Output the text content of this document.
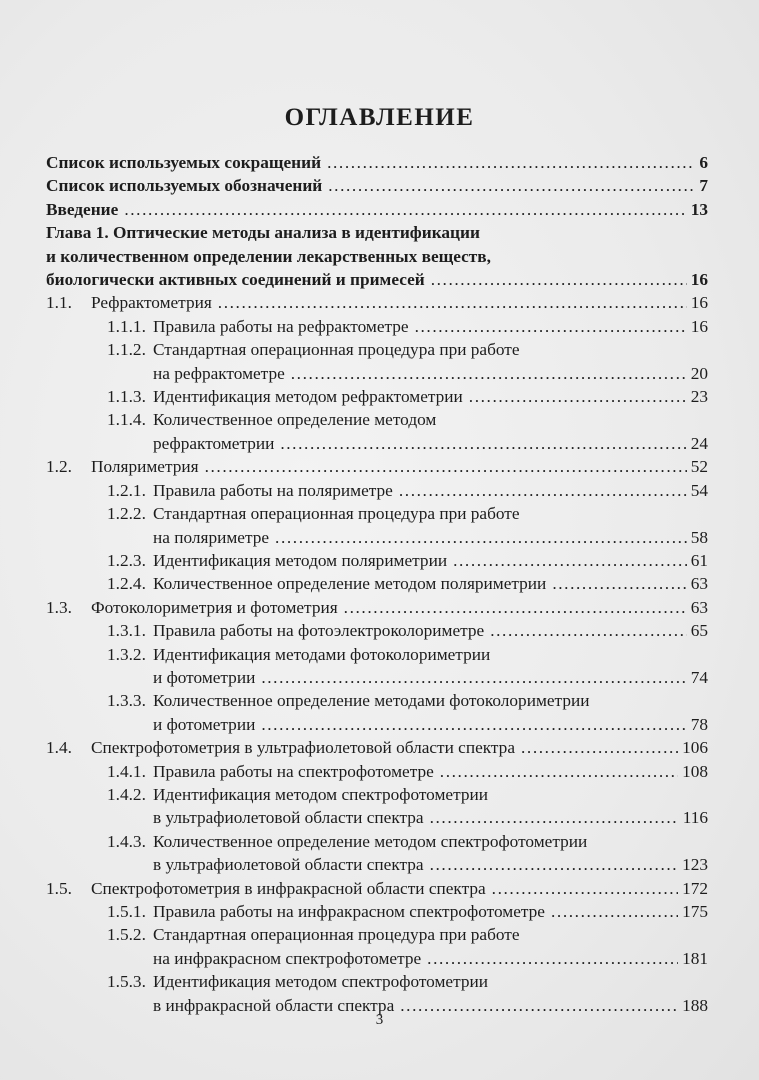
ОГЛАВЛЕНИЕ
Список используемых сокращений .....	6
Список используемых обозначений .....	7
Введение .....	13
Глава 1. Оптические методы анализа в идентификации
и количественном определении лекарственных веществ,
биологически активных соединений и примесей .....	16
1.1.	Рефрактометрия .....	16
1.1.1. Правила работы на рефрактометре .....	16
1.1.2. Стандартная операционная процедура при работе
на рефрактометре .....	20
1.1.3. Идентификация методом рефрактометрии .....	23
1.1.4. Количественное определение методом
рефрактометрии .....	24
1.2.	Поляриметрия .....	52
1.2.1. Правила работы на поляриметре .....	54
1.2.2. Стандартная операционная процедура при работе
на поляриметре .....	58
1.2.3. Идентификация методом поляриметрии .....	61
1.2.4. Количественное определение методом поляриметрии .....	63
1.3.	Фотоколориметрия и фотометрия .....	63
1.3.1. Правила работы на фотоэлектроколориметре .....	65
1.3.2. Идентификация методами фотоколориметрии
и фотометрии .....	74
1.3.3. Количественное определение методами фотоколориметрии
и фотометрии .....	78
1.4.	Спектрофотометрия в ультрафиолетовой области спектра .....	106
1.4.1. Правила работы на спектрофотометре .....	108
1.4.2. Идентификация методом спектрофотометрии
в ультрафиолетовой области спектра .....	116
1.4.3. Количественное определение методом спектрофотометрии
в ультрафиолетовой области спектра .....	123
1.5.	Спектрофотометрия в инфракрасной области спектра .....	172
1.5.1. Правила работы на инфракрасном спектрофотометре .....	175
1.5.2. Стандартная операционная процедура при работе
на инфракрасном спектрофотометре .....	181
1.5.3. Идентификация методом спектрофотометрии
в инфракрасной области спектра .....	188
3
